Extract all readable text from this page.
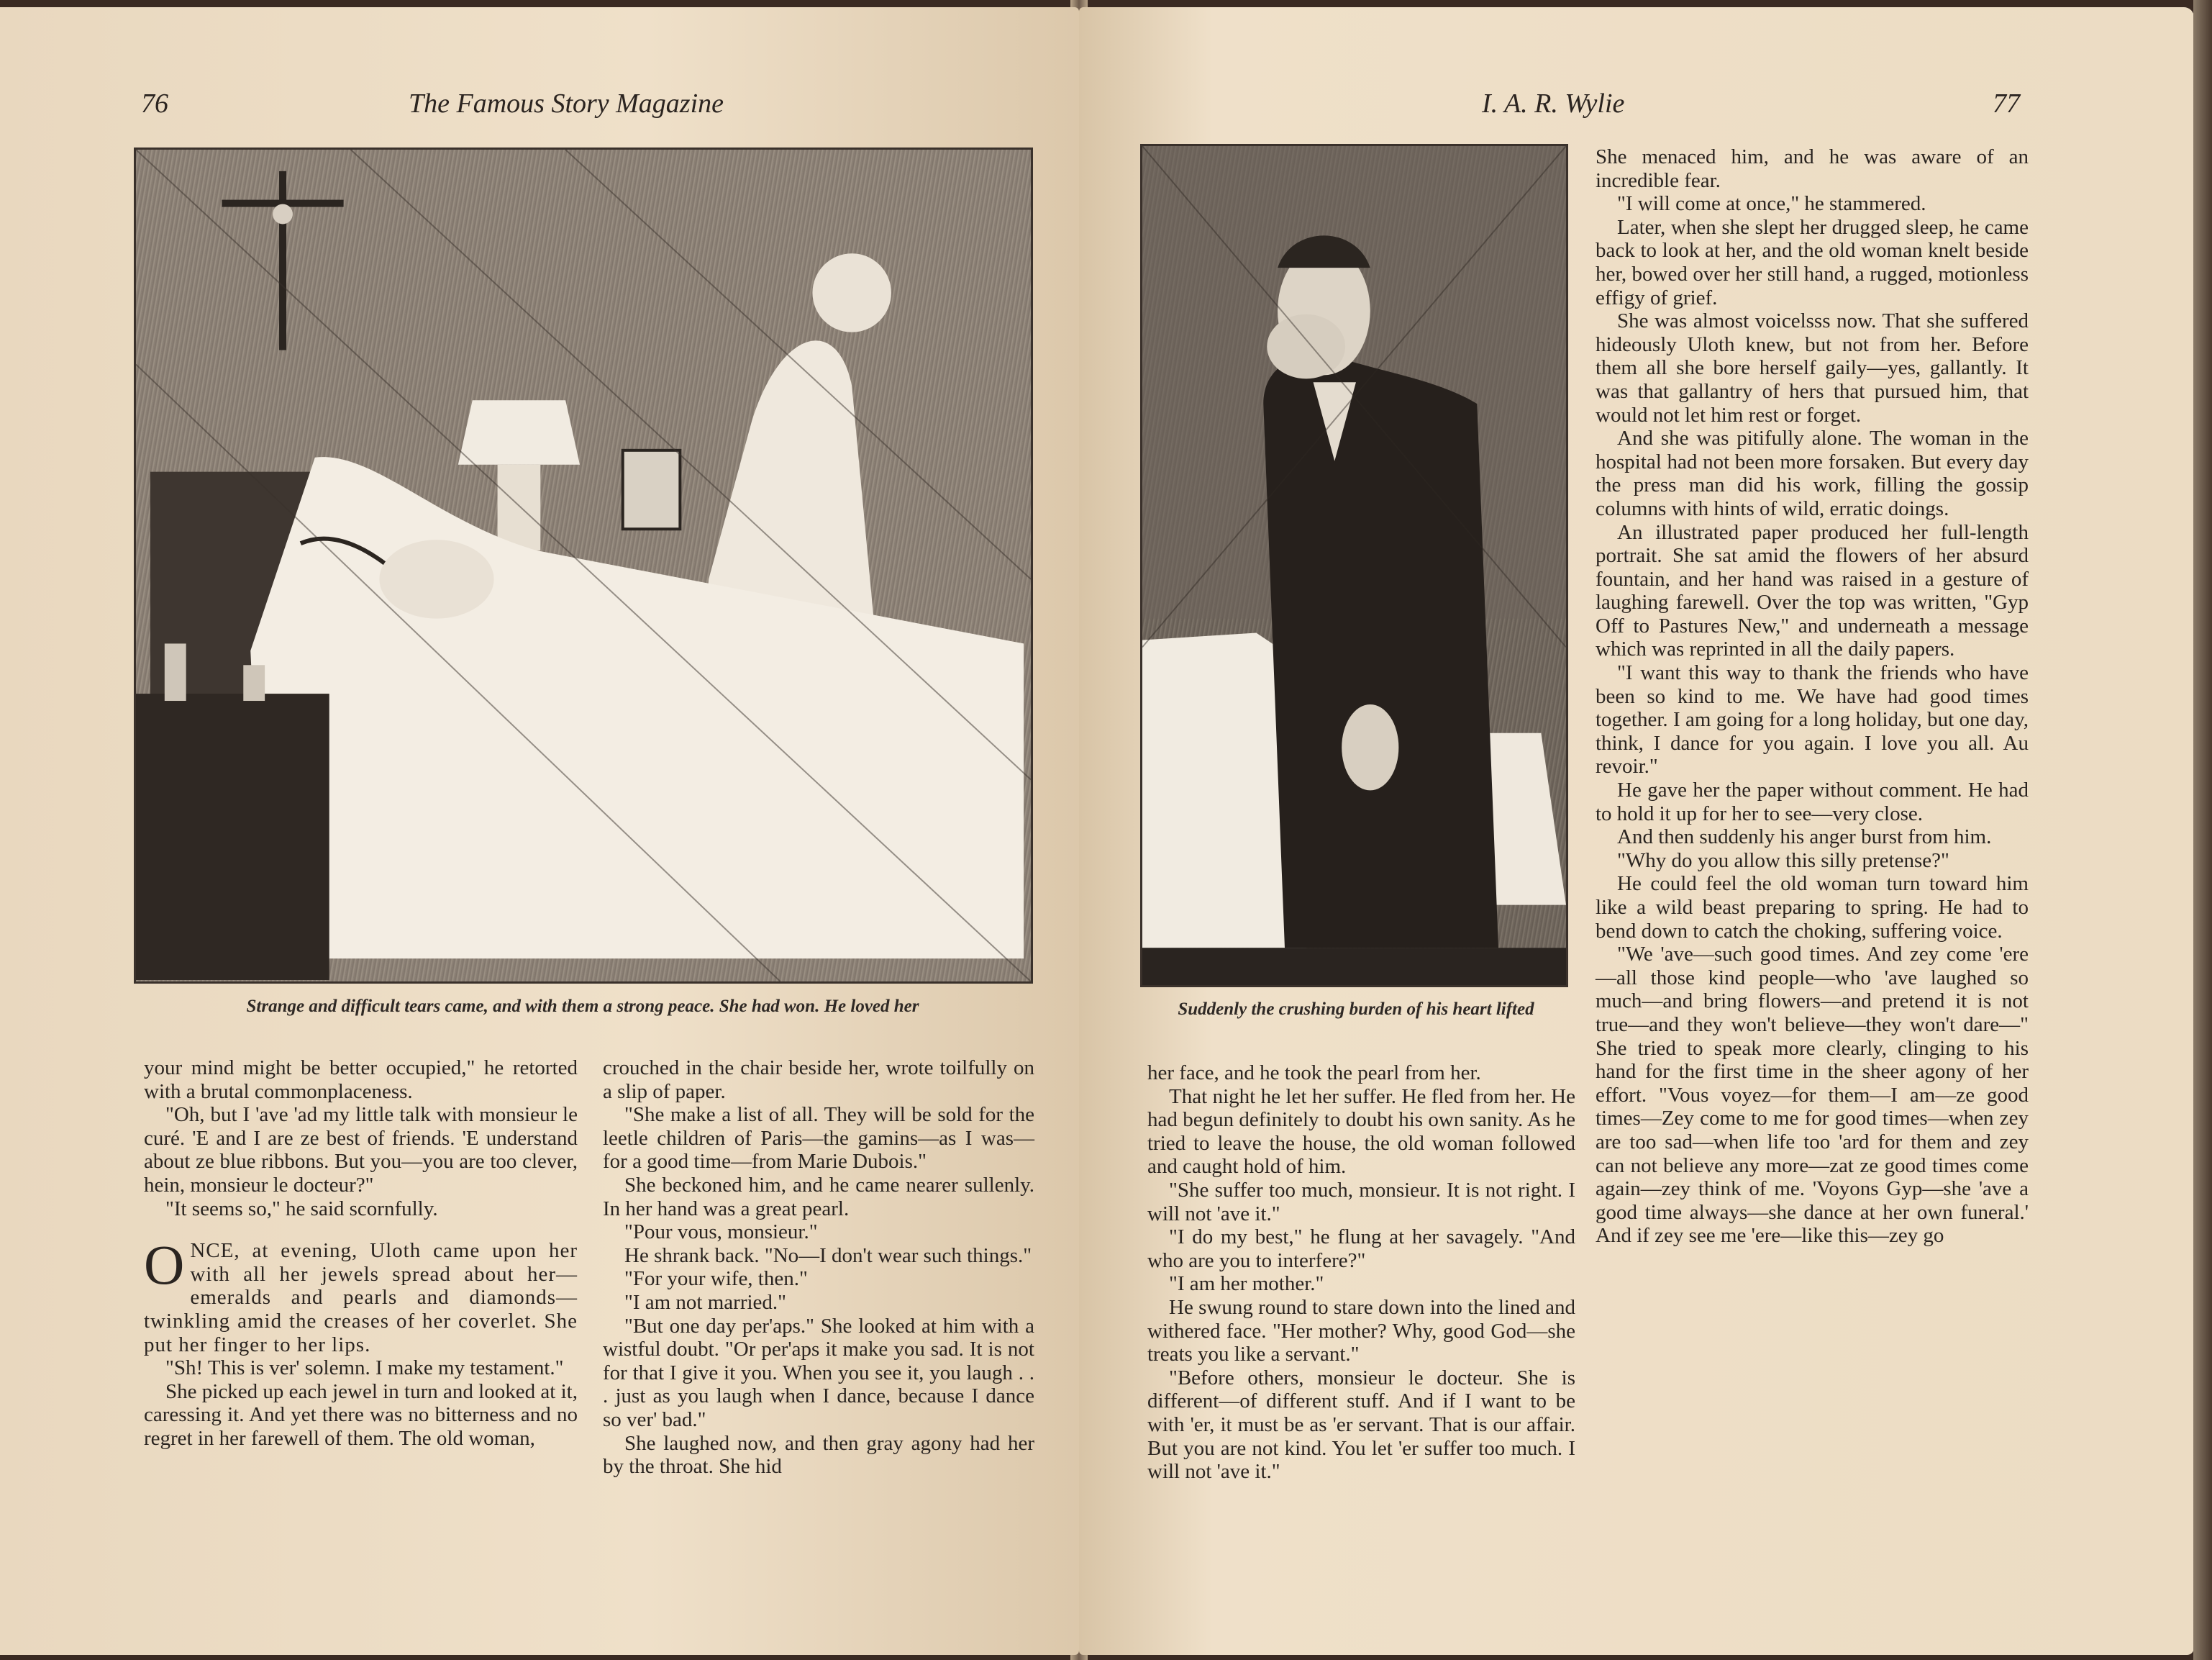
76	The Famous Story Magazine
Strange and difficult tears came, and with them a strong peace. She had won. He loved her

your mind might be better occupied," he retorted with a brutal commonplaceness.

"Oh, but I 'ave 'ad my little talk with monsieur le curé. 'E and I are ze best of friends. 'E understand about ze blue ribbons. But you—you are too clever, hein, monsieur le docteur?"

"It seems so," he said scornfully.

ONCE, at evening, Uloth came upon her with all her jewels spread about her—emeralds and pearls and diamonds—twinkling amid the creases of her coverlet. She put her finger to her lips.

"Sh! This is ver' solemn. I make my testament."

She picked up each jewel in turn and looked at it, caressing it. And yet there was no bitterness and no regret in her farewell of them. The old woman,

crouched in the chair beside her, wrote toilfully on a slip of paper.

"She make a list of all. They will be sold for the leetle children of Paris—the gamins—as I was—for a good time—from Marie Dubois."

She beckoned him, and he came nearer sullenly. In her hand was a great pearl.

"Pour vous, monsieur."

He shrank back. "No—I don't wear such things."

"For your wife, then."

"I am not married."

"But one day per'aps." She looked at him with a wistful doubt. "Or per'aps it make you sad. It is not for that I give it you. When you see it, you laugh . . . just as you laugh when I dance, because I dance so ver' bad."

She laughed now, and then gray agony had her by the throat. She hid

I. A. R. Wylie	77
Suddenly the crushing burden of his heart lifted

her face, and he took the pearl from her.

That night he let her suffer. He fled from her. He had begun definitely to doubt his own sanity. As he tried to leave the house, the old woman followed and caught hold of him.

"She suffer too much, monsieur. It is not right. I will not 'ave it."

"I do my best," he flung at her savagely. "And who are you to interfere?"

"I am her mother."

He swung round to stare down into the lined and withered face. "Her mother? Why, good God—she treats you like a servant."

"Before others, monsieur le docteur. She is different—of different stuff. And if I want to be with 'er, it must be as 'er servant. That is our affair. But you are not kind. You let 'er suffer too much. I will not 'ave it."

She menaced him, and he was aware of an incredible fear.

"I will come at once," he stammered.

Later, when she slept her drugged sleep, he came back to look at her, and the old woman knelt beside her, bowed over her still hand, a rugged, motionless effigy of grief.

She was almost voicelsss now. That she suffered hideously Uloth knew, but not from her. Before them all she bore herself gaily—yes, gallantly. It was that gallantry of hers that pursued him, that would not let him rest or forget.

And she was pitifully alone. The woman in the hospital had not been more forsaken. But every day the press man did his work, filling the gossip columns with hints of wild, erratic doings.

An illustrated paper produced her full-length portrait. She sat amid the flowers of her absurd fountain, and her hand was raised in a gesture of laughing farewell. Over the top was written, "Gyp Off to Pastures New," and underneath a message which was reprinted in all the daily papers.

"I want this way to thank the friends who have been so kind to me. We have had good times together. I am going for a long holiday, but one day, think, I dance for you again. I love you all. Au revoir."

He gave her the paper without comment. He had to hold it up for her to see—very close.

And then suddenly his anger burst from him.

"Why do you allow this silly pretense?"

He could feel the old woman turn toward him like a wild beast preparing to spring. He had to bend down to catch the choking, suffering voice.

"We 'ave—such good times. And zey come 'ere—all those kind people—who 'ave laughed so much—and bring flowers—and pretend it is not true—and they won't believe—they won't dare—" She tried to speak more clearly, clinging to his hand for the first time in the sheer agony of her effort. "Vous voyez—for them—I am—ze good times—Zey come to me for good times—when zey are too sad—when life too 'ard for them and zey can not believe any more—zat ze good times come again—zey think of me. 'Voyons Gyp—she 'ave a good time always—she dance at her own funeral.' And if zey see me 'ere—like this—zey go
